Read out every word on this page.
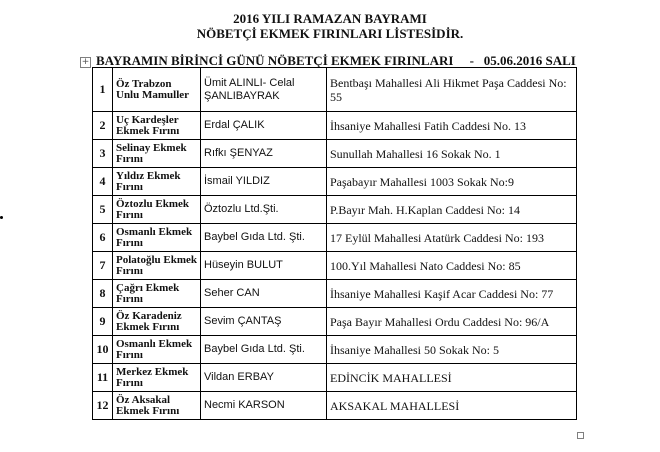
2016 YILI RAMAZAN BAYRAMI
NÖBETÇİ EKMEK FIRINLARI LİSTESİDİR.
+ BAYRAMIN BİRİNCİ GÜNÜ NÖBETÇİ EKMEK FIRINLARI     -   05.06.2016 SALI
1	Öz Trabzon Unlu Mamuller	Ümit ALINLI- Celal ŞANLIBAYRAK	Bentbaşı Mahallesi Ali Hikmet Paşa Caddesi No: 55
2	Uç Kardeşler Ekmek Fırını	Erdal ÇALIK	İhsaniye Mahallesi Fatih Caddesi No. 13
3	Selinay Ekmek Fırını	Rıfkı ŞENYAZ	Sunullah Mahallesi 16 Sokak No. 1
4	Yıldız Ekmek Fırını	İsmail YILDIZ	Paşabayır Mahallesi 1003 Sokak No:9
5	Öztozlu Ekmek Fırını	Öztozlu Ltd.Şti.	P.Bayır Mah. H.Kaplan Caddesi No: 14
6	Osmanlı Ekmek Fırını	Baybel Gıda Ltd. Şti.	17 Eylül Mahallesi Atatürk Caddesi No: 193
7	Polatoğlu Ekmek Fırını	Hüseyin BULUT	100.Yıl Mahallesi Nato Caddesi No: 85
8	Çağrı Ekmek Fırını	Seher CAN	İhsaniye Mahallesi Kaşif Acar Caddesi No: 77
9	Öz Karadeniz Ekmek Fırını	Sevim ÇANTAŞ	Paşa Bayır Mahallesi Ordu Caddesi No: 96/A
10	Osmanlı Ekmek Fırını	Baybel Gıda Ltd. Şti.	İhsaniye Mahallesi 50 Sokak No: 5
11	Merkez Ekmek Fırını	Vildan ERBAY	EDİNCİK MAHALLESİ
12	Öz Aksakal Ekmek Fırını	Necmi KARSON	AKSAKAL MAHALLESİ
